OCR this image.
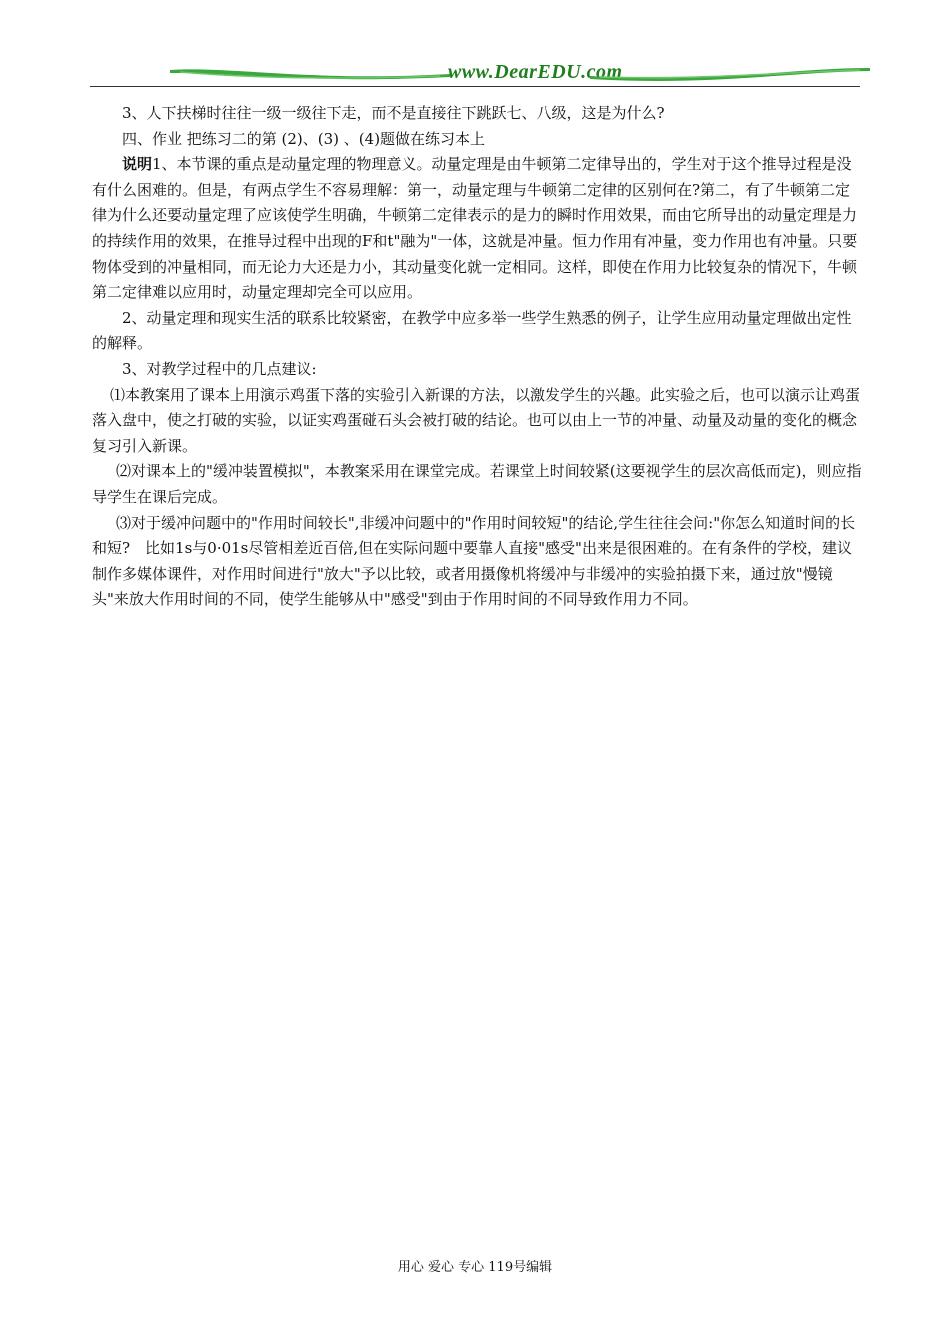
www.DearEDU.com

3、人下扶梯时往往一级一级往下走，而不是直接往下跳跃七、八级，这是为什么?

四、作业 把练习二的第 (2)、(3) 、(4)题做在练习本上

说明1、本节课的重点是动量定理的物理意义。动量定理是由牛顿第二定律导出的，学生对于这个推导过程是没有什么困难的。但是，有两点学生不容易理解：第一，动量定理与牛顿第二定律的区别何在?第二，有了牛顿第二定律为什么还要动量定理了应该使学生明确，牛顿第二定律表示的是力的瞬时作用效果，而由它所导出的动量定理是力的持续作用的效果，在推导过程中出现的F和t"融为"一体，这就是冲量。恒力作用有冲量，变力作用也有冲量。只要物体受到的冲量相同，而无论力大还是力小，其动量变化就一定相同。这样，即使在作用力比较复杂的情况下，牛顿第二定律难以应用时，动量定理却完全可以应用。

2、动量定理和现实生活的联系比较紧密，在教学中应多举一些学生熟悉的例子，让学生应用动量定理做出定性的解释。

3、对教学过程中的几点建议:

⑴本教案用了课本上用演示鸡蛋下落的实验引入新课的方法，以激发学生的兴趣。此实验之后，也可以演示让鸡蛋落入盘中，使之打破的实验，以证实鸡蛋碰石头会被打破的结论。也可以由上一节的冲量、动量及动量的变化的概念复习引入新课。

⑵对课本上的"缓冲装置模拟"，本教案采用在课堂完成。若课堂上时间较紧(这要视学生的层次高低而定)，则应指导学生在课后完成。

⑶对于缓冲问题中的"作用时间较长",非缓冲问题中的"作用时间较短"的结论,学生往往会问:"你怎么知道时间的长和短?　比如1s与0·01s尽管相差近百倍,但在实际问题中要靠人直接"感受"出来是很困难的。在有条件的学校，建议制作多媒体课件，对作用时间进行"放大"予以比较，或者用摄像机将缓冲与非缓冲的实验拍摄下来，通过放"慢镜头"来放大作用时间的不同，使学生能够从中"感受"到由于作用时间的不同导致作用力不同。

用心 爱心 专心 119号编辑
